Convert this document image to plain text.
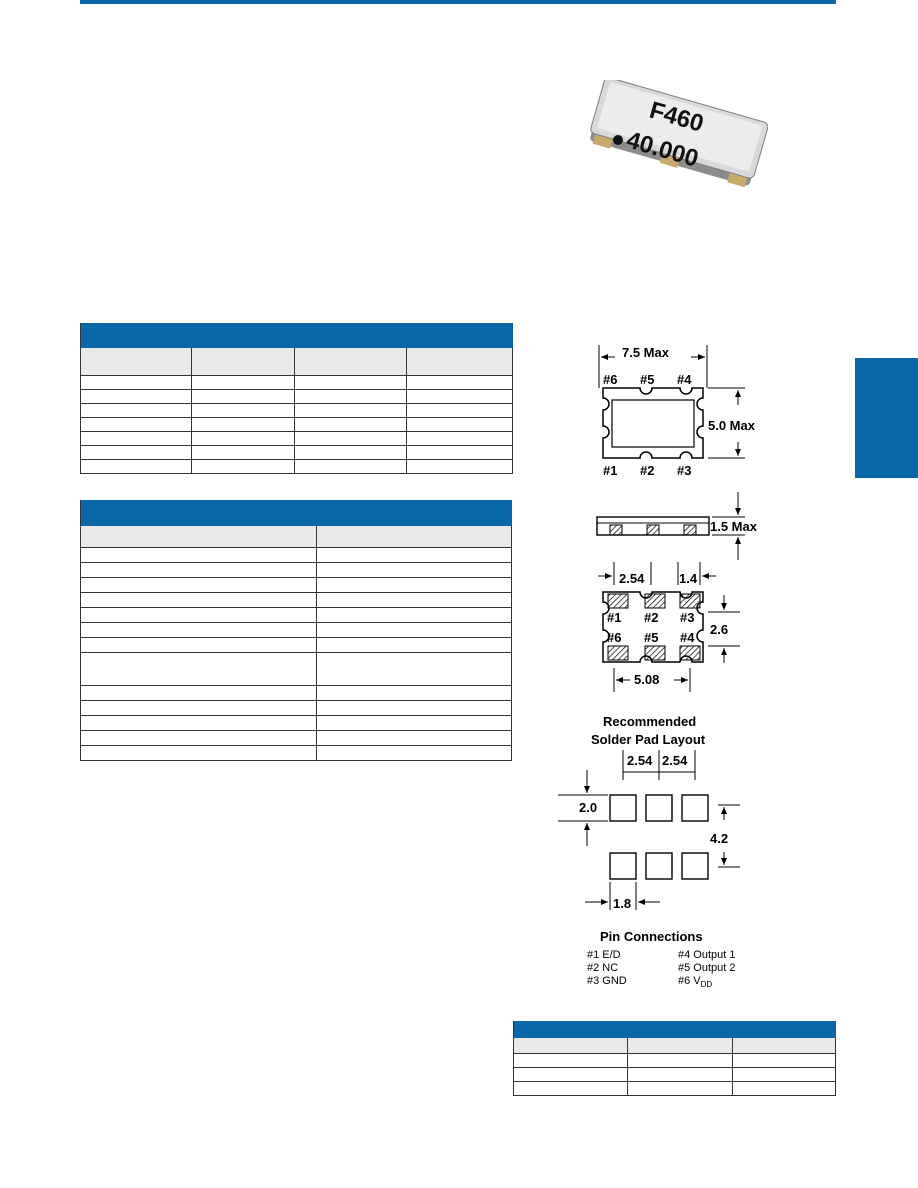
F460
40.000

7.5 Max
#6 #5 #4
5.0 Max
#1 #2 #3
1.5 Max
2.54	1.4
#1 #2 #3
#6 #5 #4
2.6
5.08
Recommended
Solder Pad Layout
2.54 2.54
2.0
4.2
1.8
Pin Connections
#1 E/D
#2 NC
#3 GND
#4 Output 1
#5 Output 2
#6 $V_{DD}$
